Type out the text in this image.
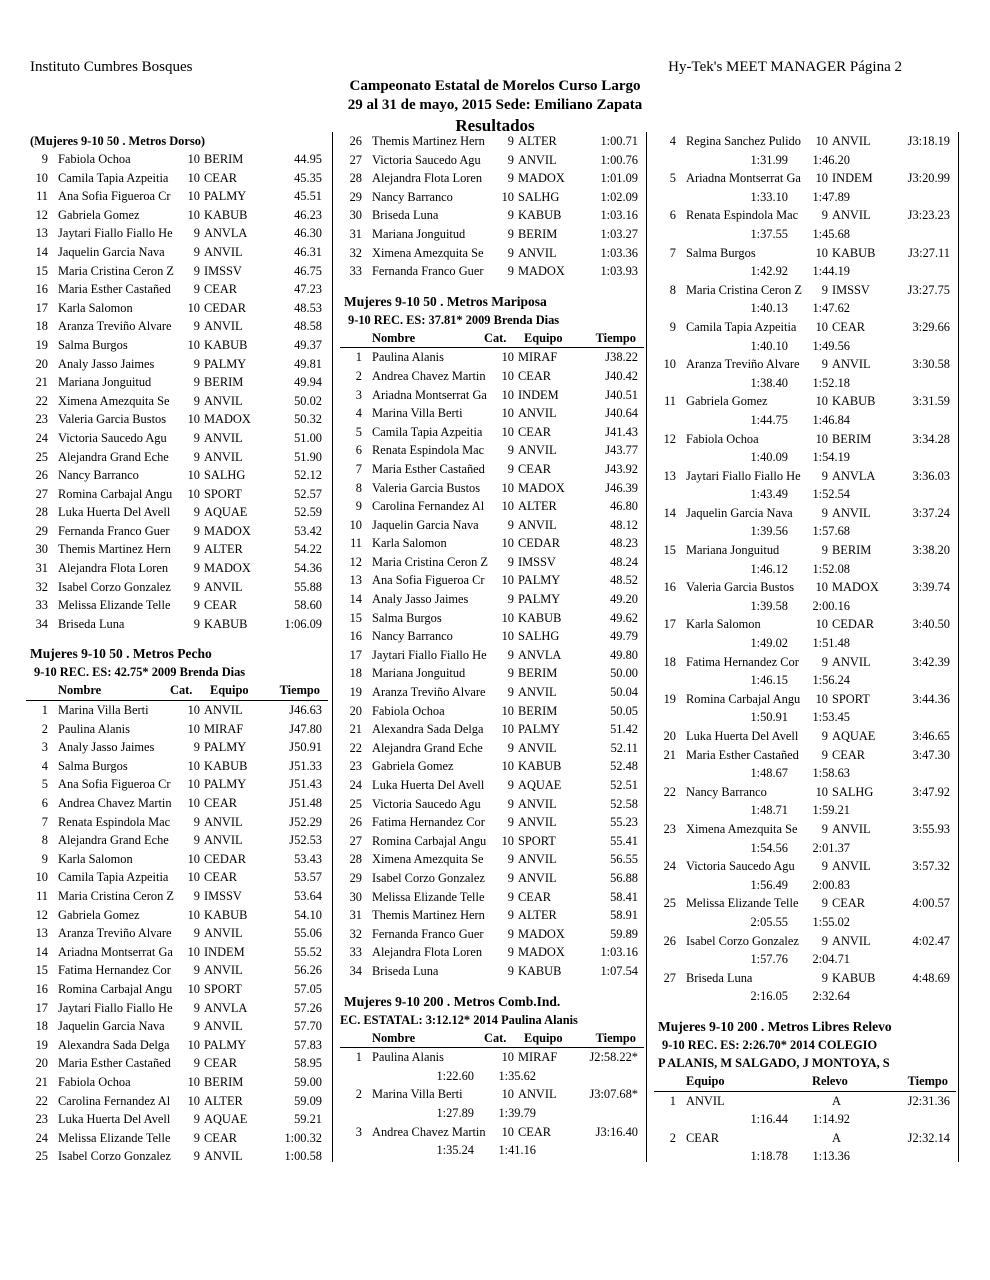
Instituto Cumbres Bosques	Hy-Tek's MEET MANAGER Página 2
Campeonato Estatal de Morelos Curso Largo
29 al 31 de mayo, 2015 Sede: Emiliano Zapata
Resultados
(Mujeres 9-10 50 . Metros Dorso)
9 Fabiola Ochoa	10 BERIM	44.95
10 Camila Tapia Azpeitia	10 CEAR	45.35
11 Ana Sofia Figueroa Cr	10 PALMY	45.51
12 Gabriela Gomez	10 KABUB	46.23
13 Jaytari Fiallo Fiallo He	9 ANVLA	46.30
14 Jaquelin Garcia Nava	9 ANVIL	46.31
15 Maria Cristina Ceron Z	9 IMSSV	46.75
16 Maria Esther Castañed	9 CEAR	47.23
17 Karla Salomon	10 CEDAR	48.53
18 Aranza Treviño Alvare	9 ANVIL	48.58
19 Salma Burgos	10 KABUB	49.37
20 Analy Jasso Jaimes	9 PALMY	49.81
21 Mariana Jonguitud	9 BERIM	49.94
22 Ximena Amezquita Se	9 ANVIL	50.02
23 Valeria Garcia Bustos	10 MADOX	50.32
24 Victoria Saucedo Agu	9 ANVIL	51.00
25 Alejandra Grand Eche	9 ANVIL	51.90
26 Nancy Barranco	10 SALHG	52.12
27 Romina Carbajal Angu	10 SPORT	52.57
28 Luka Huerta Del Avell	9 AQUAE	52.59
29 Fernanda Franco Guer	9 MADOX	53.42
30 Themis Martinez Hern	9 ALTER	54.22
31 Alejandra Flota Loren	9 MADOX	54.36
32 Isabel Corzo Gonzalez	9 ANVIL	55.88
33 Melissa Elizande Telle	9 CEAR	58.60
34 Briseda Luna	9 KABUB	1:06.09
Mujeres 9-10 50 . Metros Pecho
9-10 REC. ES: 42.75* 2009 Brenda Dias
Nombre	Cat. Equipo	Tiempo
1 Marina Villa Berti	10 ANVIL	J46.63
2 Paulina Alanis	10 MIRAF	J47.80
3 Analy Jasso Jaimes	9 PALMY	J50.91
4 Salma Burgos	10 KABUB	J51.33
5 Ana Sofia Figueroa Cr	10 PALMY	J51.43
6 Andrea Chavez Martin	10 CEAR	J51.48
7 Renata Espindola Mac	9 ANVIL	J52.29
8 Alejandra Grand Eche	9 ANVIL	J52.53
9 Karla Salomon	10 CEDAR	53.43
10 Camila Tapia Azpeitia	10 CEAR	53.57
11 Maria Cristina Ceron Z	9 IMSSV	53.64
12 Gabriela Gomez	10 KABUB	54.10
13 Aranza Treviño Alvare	9 ANVIL	55.06
14 Ariadna Montserrat Ga	10 INDEM	55.52
15 Fatima Hernandez Cor	9 ANVIL	56.26
16 Romina Carbajal Angu	10 SPORT	57.05
17 Jaytari Fiallo Fiallo He	9 ANVLA	57.26
18 Jaquelin Garcia Nava	9 ANVIL	57.70
19 Alexandra Sada Delga	10 PALMY	57.83
20 Maria Esther Castañed	9 CEAR	58.95
21 Fabiola Ochoa	10 BERIM	59.00
22 Carolina Fernandez Al	10 ALTER	59.09
23 Luka Huerta Del Avell	9 AQUAE	59.21
24 Melissa Elizande Telle	9 CEAR	1:00.32
25 Isabel Corzo Gonzalez	9 ANVIL	1:00.58
26 Themis Martinez Hern	9 ALTER	1:00.71
27 Victoria Saucedo Agu	9 ANVIL	1:00.76
28 Alejandra Flota Loren	9 MADOX	1:01.09
29 Nancy Barranco	10 SALHG	1:02.09
30 Briseda Luna	9 KABUB	1:03.16
31 Mariana Jonguitud	9 BERIM	1:03.27
32 Ximena Amezquita Se	9 ANVIL	1:03.36
33 Fernanda Franco Guer	9 MADOX	1:03.93
Mujeres 9-10 50 . Metros Mariposa
9-10 REC. ES: 37.81* 2009 Brenda Dias
Nombre	Cat. Equipo	Tiempo
1 Paulina Alanis	10 MIRAF	J38.22
2 Andrea Chavez Martin	10 CEAR	J40.42
3 Ariadna Montserrat Ga	10 INDEM	J40.51
4 Marina Villa Berti	10 ANVIL	J40.64
5 Camila Tapia Azpeitia	10 CEAR	J41.43
6 Renata Espindola Mac	9 ANVIL	J43.77
7 Maria Esther Castañed	9 CEAR	J43.92
8 Valeria Garcia Bustos	10 MADOX	J46.39
9 Carolina Fernandez Al	10 ALTER	46.80
10 Jaquelin Garcia Nava	9 ANVIL	48.12
11 Karla Salomon	10 CEDAR	48.23
12 Maria Cristina Ceron Z	9 IMSSV	48.24
13 Ana Sofia Figueroa Cr	10 PALMY	48.52
14 Analy Jasso Jaimes	9 PALMY	49.20
15 Salma Burgos	10 KABUB	49.62
16 Nancy Barranco	10 SALHG	49.79
17 Jaytari Fiallo Fiallo He	9 ANVLA	49.80
18 Mariana Jonguitud	9 BERIM	50.00
19 Aranza Treviño Alvare	9 ANVIL	50.04
20 Fabiola Ochoa	10 BERIM	50.05
21 Alexandra Sada Delga	10 PALMY	51.42
22 Alejandra Grand Eche	9 ANVIL	52.11
23 Gabriela Gomez	10 KABUB	52.48
24 Luka Huerta Del Avell	9 AQUAE	52.51
25 Victoria Saucedo Agu	9 ANVIL	52.58
26 Fatima Hernandez Cor	9 ANVIL	55.23
27 Romina Carbajal Angu	10 SPORT	55.41
28 Ximena Amezquita Se	9 ANVIL	56.55
29 Isabel Corzo Gonzalez	9 ANVIL	56.88
30 Melissa Elizande Telle	9 CEAR	58.41
31 Themis Martinez Hern	9 ALTER	58.91
32 Fernanda Franco Guer	9 MADOX	59.89
33 Alejandra Flota Loren	9 MADOX	1:03.16
34 Briseda Luna	9 KABUB	1:07.54
Mujeres 9-10 200 . Metros Comb.Ind.
EC. ESTATAL: 3:12.12* 2014 Paulina Alanis
Nombre	Cat. Equipo	Tiempo
1 Paulina Alanis	10 MIRAF	J2:58.22*
1:22.60	1:35.62
2 Marina Villa Berti	10 ANVIL	J3:07.68*
1:27.89	1:39.79
3 Andrea Chavez Martin	10 CEAR	J3:16.40
1:35.24	1:41.16
4 Regina Sanchez Pulido	10 ANVIL	J3:18.19
1:31.99	1:46.20
5 Ariadna Montserrat Ga	10 INDEM	J3:20.99
1:33.10	1:47.89
6 Renata Espindola Mac	9 ANVIL	J3:23.23
1:37.55	1:45.68
7 Salma Burgos	10 KABUB	J3:27.11
1:42.92	1:44.19
8 Maria Cristina Ceron Z	9 IMSSV	J3:27.75
1:40.13	1:47.62
9 Camila Tapia Azpeitia	10 CEAR	3:29.66
1:40.10	1:49.56
10 Aranza Treviño Alvare	9 ANVIL	3:30.58
1:38.40	1:52.18
11 Gabriela Gomez	10 KABUB	3:31.59
1:44.75	1:46.84
12 Fabiola Ochoa	10 BERIM	3:34.28
1:40.09	1:54.19
13 Jaytari Fiallo Fiallo He	9 ANVLA	3:36.03
1:43.49	1:52.54
14 Jaquelin Garcia Nava	9 ANVIL	3:37.24
1:39.56	1:57.68
15 Mariana Jonguitud	9 BERIM	3:38.20
1:46.12	1:52.08
16 Valeria Garcia Bustos	10 MADOX	3:39.74
1:39.58	2:00.16
17 Karla Salomon	10 CEDAR	3:40.50
1:49.02	1:51.48
18 Fatima Hernandez Cor	9 ANVIL	3:42.39
1:46.15	1:56.24
19 Romina Carbajal Angu	10 SPORT	3:44.36
1:50.91	1:53.45
20 Luka Huerta Del Avell	9 AQUAE	3:46.65
21 Maria Esther Castañed	9 CEAR	3:47.30
1:48.67	1:58.63
22 Nancy Barranco	10 SALHG	3:47.92
1:48.71	1:59.21
23 Ximena Amezquita Se	9 ANVIL	3:55.93
1:54.56	2:01.37
24 Victoria Saucedo Agu	9 ANVIL	3:57.32
1:56.49	2:00.83
25 Melissa Elizande Telle	9 CEAR	4:00.57
2:05.55	1:55.02
26 Isabel Corzo Gonzalez	9 ANVIL	4:02.47
1:57.76	2:04.71
27 Briseda Luna	9 KABUB	4:48.69
2:16.05	2:32.64
Mujeres 9-10 200 . Metros Libres Relevo
9-10 REC. ES: 2:26.70* 2014 COLEGIO
P ALANIS, M SALGADO, J MONTOYA, S
Equipo	Relevo	Tiempo
1 ANVIL	A	J2:31.36
1:16.44	1:14.92
2 CEAR	A	J2:32.14
1:18.78	1:13.36
